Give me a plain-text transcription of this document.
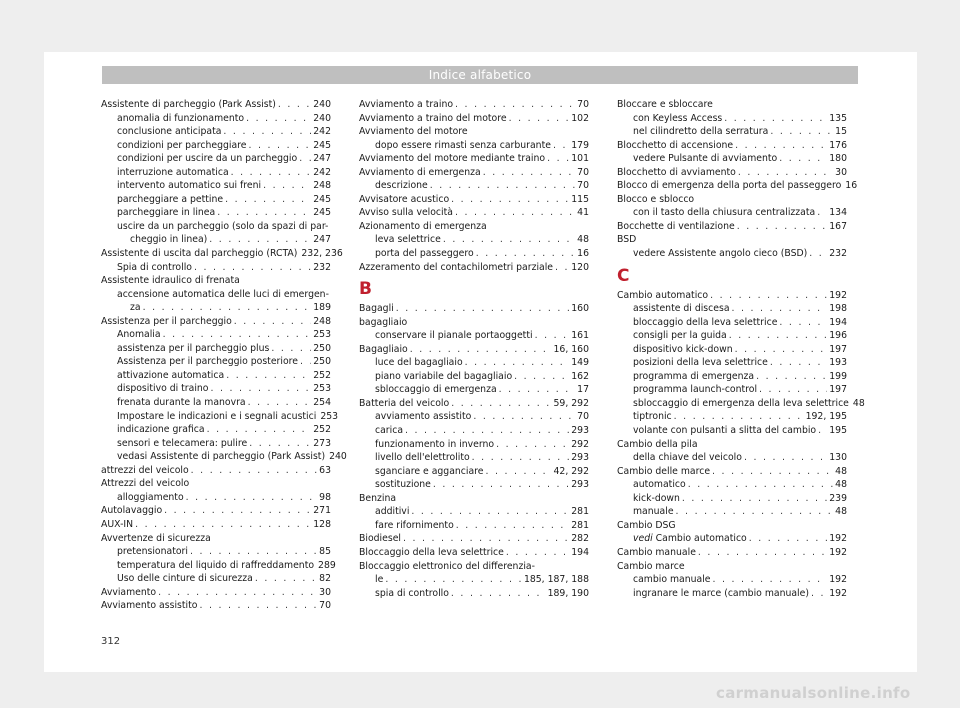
Indice alfabetico
Assistente di parcheggio (Park Assist) . . .	240
anomalia di funzionamento . . .	240
conclusione anticipata . . .	242
condizioni per parcheggiare . . .	245
condizioni per uscire da un parcheggio . . . 247
interruzione automatica . . .	242
intervento automatico sui freni . . .	248
parcheggiare a pettine . . .	245
parcheggiare in linea . . .	245
uscire da un parcheggio (solo da spazi di par-
cheggio in linea) . . .	247
Assistente di uscita dal parcheggio (RCTA) 232, 236
Spia di controllo . . .	232
Assistente idraulico di frenata
accensione automatica delle luci di emergen-
za . . .	189
Assistenza per il parcheggio . . .	248
Anomalia . . .	253
assistenza per il parcheggio plus . . .	250
Assistenza per il parcheggio posteriore . . . 250
attivazione automatica . . .	252
dispositivo di traino . . .	253
frenata durante la manovra . . .	254
Impostare le indicazioni e i segnali acustici 253
indicazione grafica . . .	252
sensori e telecamera: pulire . . .	273
vedasi Assistente di parcheggio (Park Assist) 240
attrezzi del veicolo . . .	63
Attrezzi del veicolo
alloggiamento . . .	98
Autolavaggio . . .	271
AUX-IN . . .	128
Avvertenze di sicurezza
pretensionatori . . .	85
temperatura del liquido di raffreddamento 289
Uso delle cinture di sicurezza . . .	82
Avviamento . . .	30
Avviamento assistito . . .	70
Avviamento a traino . . .	70
Avviamento a traino del motore . . .	102
Avviamento del motore
dopo essere rimasti senza carburante . . . 179
Avviamento del motore mediante traino . . .	101
Avviamento di emergenza . . .	70
descrizione . . .	70
Avvisatore acustico . . .	115
Avviso sulla velocità . . .	41
Azionamento di emergenza
leva selettrice . . .	48
porta del passeggero . . .	16
Azzeramento del contachilometri parziale . . . 120
B
Bagagli . . .	160
bagagliaio
conservare il pianale portaoggetti . . .	161
Bagagliaio . . .	16, 160
luce del bagagliaio . . .	149
piano variabile del bagagliaio . . .	162
sbloccaggio di emergenza . . .	17
Batteria del veicolo . . .	59, 292
avviamento assistito . . .	70
carica . . .	293
funzionamento in inverno . . .	292
livello dell'elettrolito . . .	293
sganciare e agganciare . . .	42, 292
sostituzione . . .	293
Benzina
additivi . . .	281
fare rifornimento . . .	281
Biodiesel . . .	282
Bloccaggio della leva selettrice . . .	194
Bloccaggio elettronico del differenzia-
le . . .	185, 187, 188
spia di controllo . . .	189, 190
Bloccare e sbloccare
con Keyless Access . . .	135
nel cilindretto della serratura . . .	15
Blocchetto di accensione . . .	176
vedere Pulsante di avviamento . . .	180
Blocchetto di avviamento . . .	30
Blocco di emergenza della porta del passeggero 16
Blocco e sblocco
con il tasto della chiusura centralizzata . . . 134
Bocchette di ventilazione . . .	167
BSD
vedere Assistente angolo cieco (BSD) . . . 232
C
Cambio automatico . . .	192
assistente di discesa . . .	198
bloccaggio della leva selettrice . . .	194
consigli per la guida . . .	196
dispositivo kick-down . . .	197
posizioni della leva selettrice . . .	193
programma di emergenza . . .	199
programma launch-control . . .	197
sbloccaggio di emergenza della leva selettrice 48
tiptronic . . .	192, 195
volante con pulsanti a slitta del cambio . . . 195
Cambio della pila
della chiave del veicolo . . .	130
Cambio delle marce . . .	48
automatico . . .	48
kick-down . . .	239
manuale . . .	48
Cambio DSG
vedi Cambio automatico . . .	192
Cambio manuale . . .	192
Cambio marce
cambio manuale . . .	192
ingranare le marce (cambio manuale) . . . 192
312
carmanualsonline.info
